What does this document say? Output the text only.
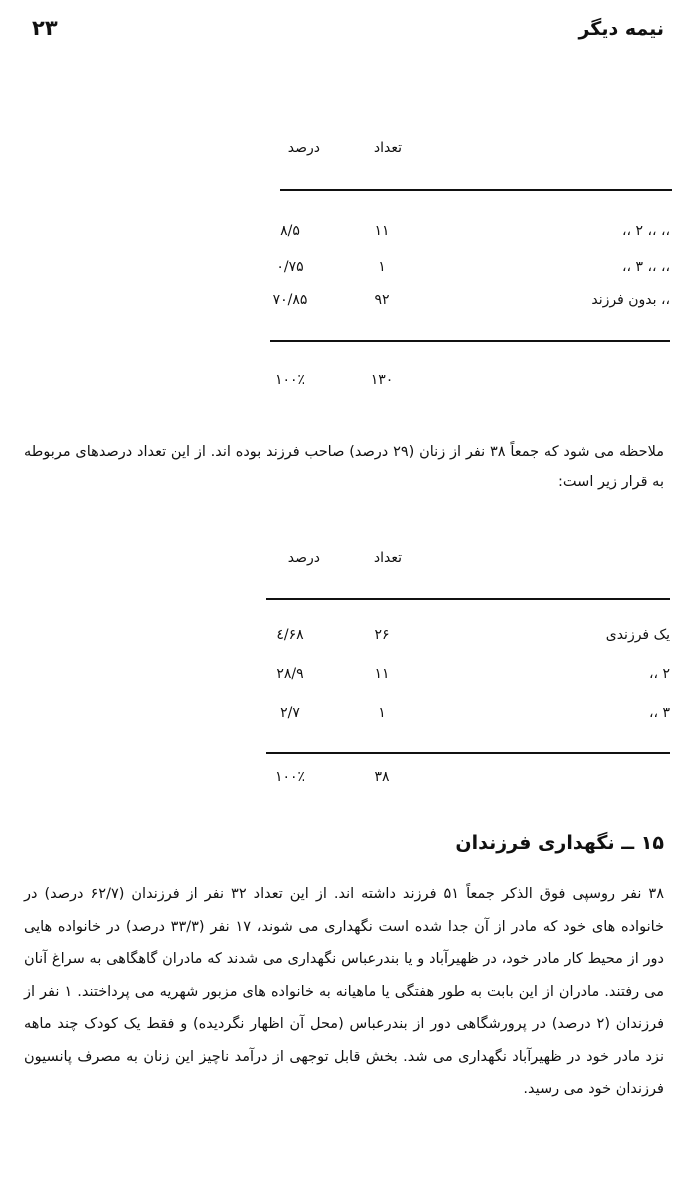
نیمه دیگر
۲۳
تعداد
درصد
،، ،، ۲ ،،
۱۱
۸/۵
،، ،، ۳ ،،
۱
۰/۷۵
،، بدون فرزند
۹۲
۷۰/۸۵
۱۳۰
۱۰۰٪
ملاحظه می شود که جمعاً ۳۸ نفر از زنان (۲۹ درصد) صاحب فرزند بوده اند. از این تعداد درصدهای مربوطه به قرار زیر است:
تعداد
درصد
یک فرزندی
۲۶
۶۸/٤
۲ ،،
۱۱
۲۸/۹
۳ ،،
۱
۲/۷
۳۸
۱۰۰٪
۱۵ ــ نگهداری فرزندان
۳۸ نفر روسپی فوق الذکر جمعاً ۵۱ فرزند داشته اند. از این تعداد ۳۲ نفر از فرزندان (۶۲/۷ درصد) در خانواده های خود که مادر از آن جدا شده است نگهداری می شوند، ۱۷ نفر (۳۳/۳ درصد) در خانواده هایی دور از محیط کار مادر خود، در ظهیرآباد و یا بندرعباس نگهداری می شدند که مادران گاهگاهی به سراغ آنان می رفتند. مادران از این بابت به طور هفتگی یا ماهیانه به خانواده های مزبور شهریه می پرداختند. ۱ نفر از فرزندان (۲ درصد) در پرورشگاهی دور از بندرعباس (محل آن اظهار نگردیده) و فقط یک کودک چند ماهه نزد مادر خود در ظهیرآباد نگهداری می شد. بخش قابل توجهی از درآمد ناچیز این زنان به مصرف پانسیون فرزندان خود می رسید.
